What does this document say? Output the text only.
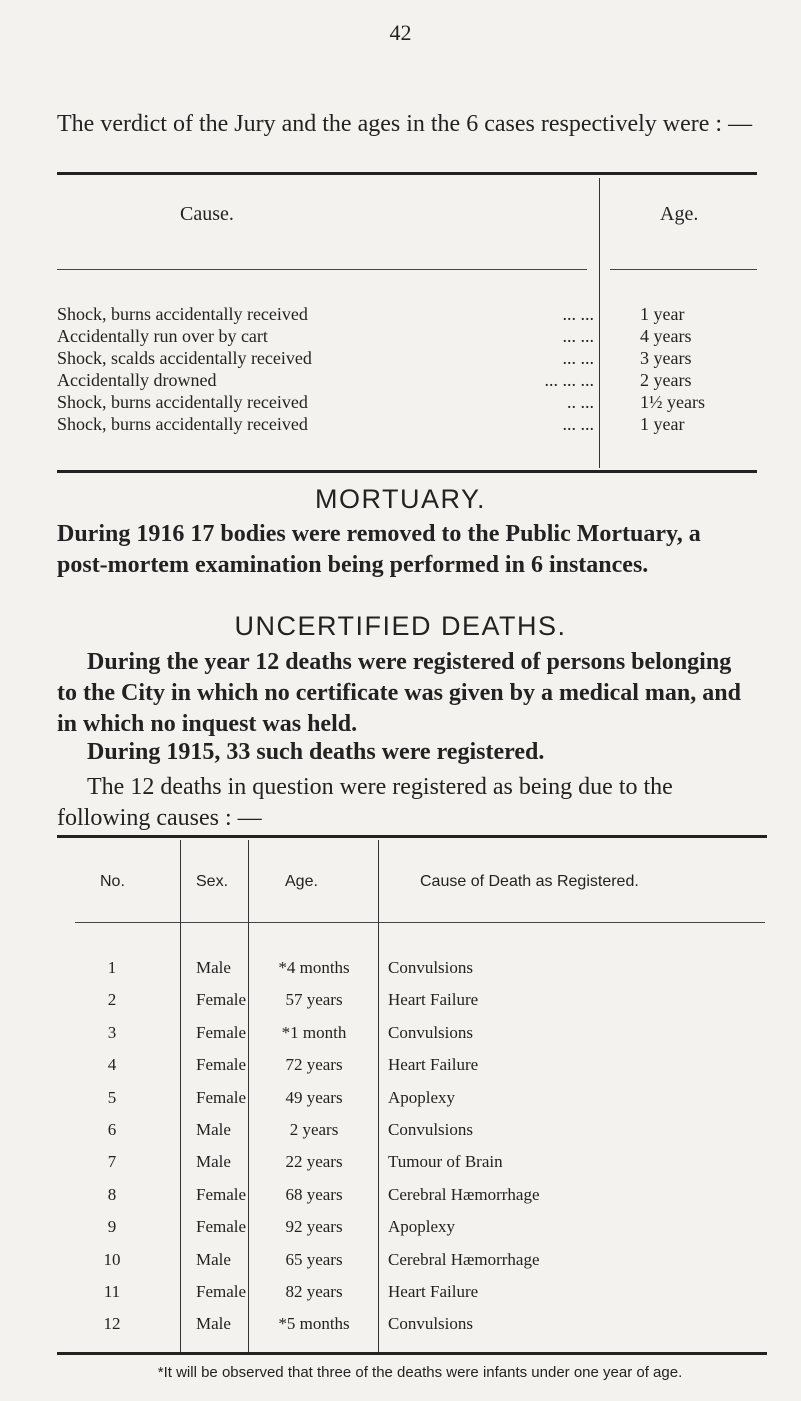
42
The verdict of the Jury and the ages in the 6 cases respectively were : —
Cause.	Age.
Shock, burns accidentally received	... ...	1 year
Accidentally run over by cart	... ...	4 years
Shock, scalds accidentally received	... ...	3 years
Accidentally drowned	... ... ...	2 years
Shock, burns accidentally received	.. ...	1½ years
Shock, burns accidentally received	... ...	1 year
MORTUARY.
During 1916 17 bodies were removed to the Public Mortuary, a post-mortem examination being performed in 6 instances.
UNCERTIFIED DEATHS.
During the year 12 deaths were registered of persons belonging to the City in which no certificate was given by a medical man, and in which no inquest was held.
During 1915, 33 such deaths were registered.
The 12 deaths in question were registered as being due to the following causes : —
No.	Sex.	Age.	Cause of Death as Registered.
1	Male	*4 months	Convulsions
2	Female	57 years	Heart Failure
3	Female	*1 month	Convulsions
4	Female	72 years	Heart Failure
5	Female	49 years	Apoplexy
6	Male	2 years	Convulsions
7	Male	22 years	Tumour of Brain
8	Female	68 years	Cerebral Hæmorrhage
9	Female	92 years	Apoplexy
10	Male	65 years	Cerebral Hæmorrhage
11	Female	82 years	Heart Failure
12	Male	*5 months	Convulsions
*It will be observed that three of the deaths were infants under one year of age.
